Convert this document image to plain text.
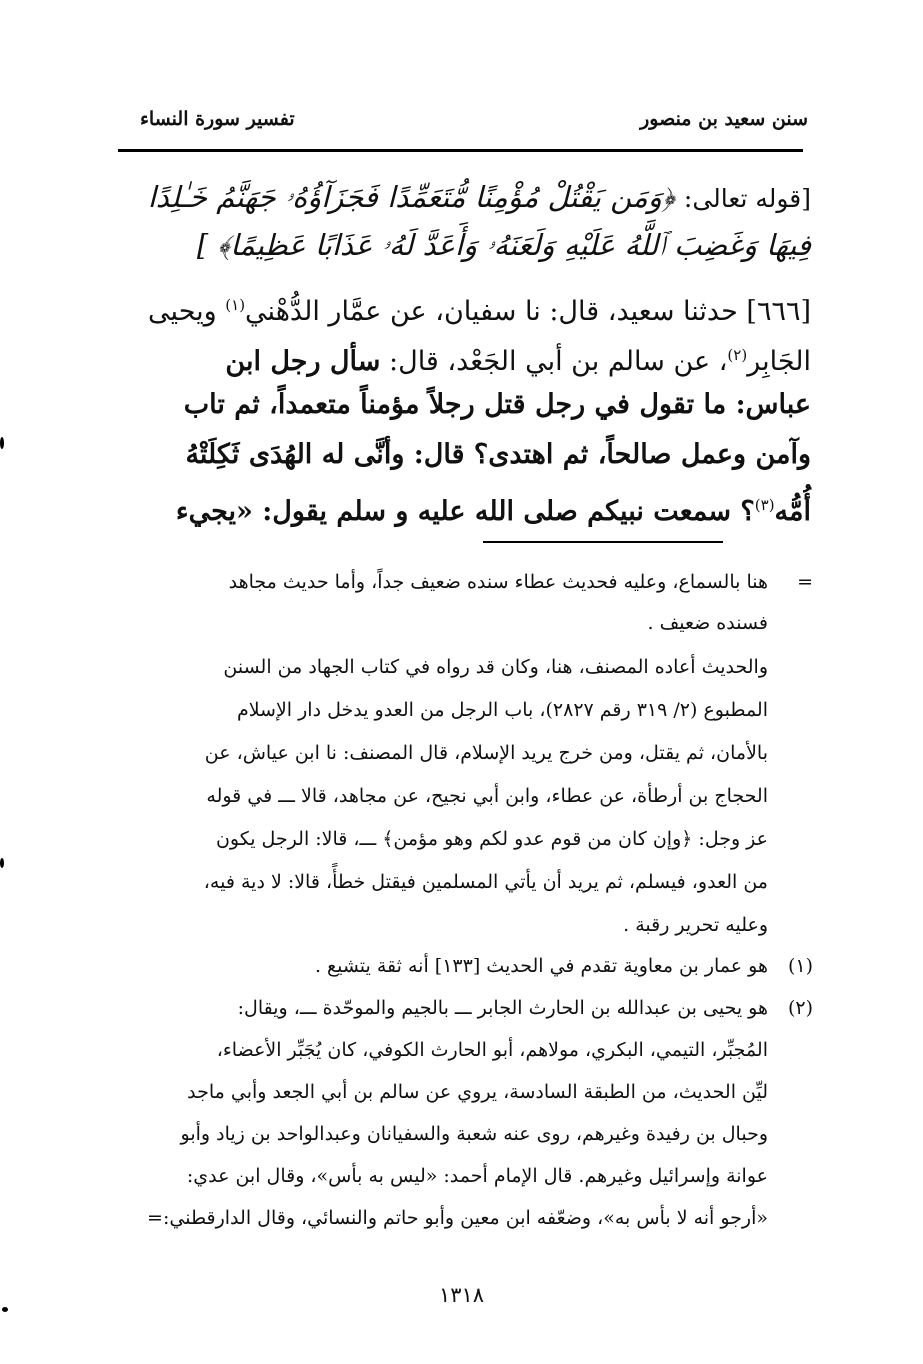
سنن سعيد بن منصور
تفسير سورة النساء
[قوله تعالى: ﴿وَمَن يَقْتُلْ مُؤْمِنًا مُّتَعَمِّدًا فَجَزَآؤُهُۥ جَهَنَّمُ خَـٰلِدًا
فِيهَا وَغَضِبَ ٱللَّهُ عَلَيْهِ وَلَعَنَهُۥ وَأَعَدَّ لَهُۥ عَذَابًا عَظِيمًا﴾ ]
[٦٦٦] حدثنا سعيد، قال: نا سفيان، عن عمَّار الدُّهْني$^{(١)}$ ويحيى
الجَابِر$^{(٢)}$، عن سالم بن أبي الجَعْد، قال: سأل رجل ابن
عباس: ما تقول في رجل قتل رجلاً مؤمناً متعمداً، ثم تاب
وآمن وعمل صالحاً، ثم اهتدى؟ قال: وأنَّى له الهُدَى ثَكِلَتْهُ
أُمُّه$^{(٣)}$؟ سمعت نبيكم صلى الله عليه و سلم يقول: «يجيء
=
هنا بالسماع، وعليه فحديث عطاء سنده ضعيف جداً، وأما حديث مجاهد
فسنده ضعيف .
والحديث أعاده المصنف، هنا، وكان قد رواه في كتاب الجهاد من السنن
المطبوع (٢/ ٣١٩ رقم ٢٨٢٧)، باب الرجل من العدو يدخل دار الإسلام
بالأمان، ثم يقتل، ومن خرج يريد الإسلام، قال المصنف: نا ابن عياش، عن
الحجاج بن أرطأة، عن عطاء، وابن أبي نجيح، عن مجاهد، قالا ـــ في قوله
عز وجل: ﴿وإن كان من قوم عدو لكم وهو مؤمن﴾ ـــ، قالا: الرجل يكون
من العدو، فيسلم، ثم يريد أن يأتي المسلمين فيقتل خطأً، قالا: لا دية فيه،
وعليه تحرير رقبة .
(١)
هو عمار بن معاوية تقدم في الحديث [١٣٣] أنه ثقة يتشيع .
(٢)
هو يحيى بن عبدالله بن الحارث الجابر ـــ بالجيم والموحّدة ـــ، ويقال:
المُجبِّر، التيمي، البكري، مولاهم، أبو الحارث الكوفي، كان يُجَبِّر الأعضاء،
ليِّن الحديث، من الطبقة السادسة، يروي عن سالم بن أبي الجعد وأبي ماجد
وحبال بن رفيدة وغيرهم، روى عنه شعبة والسفيانان وعبدالواحد بن زياد وأبو
عوانة وإسرائيل وغيرهم. قال الإمام أحمد: «ليس به بأس»، وقال ابن عدي:
«أرجو أنه لا بأس به»، وضعّفه ابن معين وأبو حاتم والنسائي، وقال الدارقطني:=
١٣١٨
